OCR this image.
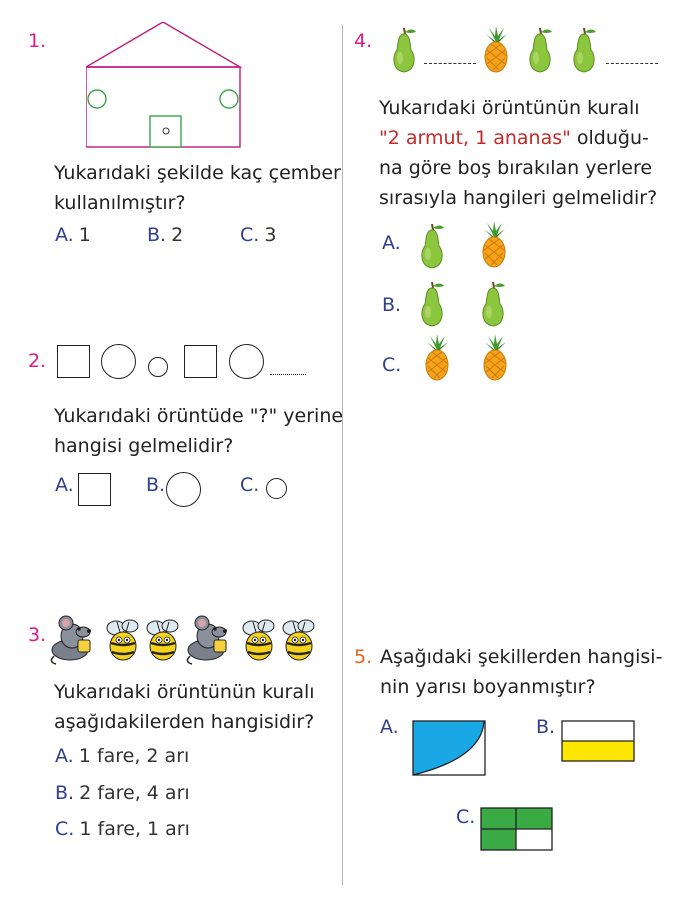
1.
Yukarıdaki şekilde kaç çember
kullanılmıştır?
A. 1	B. 2	C. 3
2.
Yukarıdaki örüntüde "?" yerine
hangisi gelmelidir?
A.	B.	C.
3.
Yukarıdaki örüntünün kuralı
aşağıdakilerden hangisidir?
A. 1 fare, 2 arı
B. 2 fare, 4 arı
C. 1 fare, 1 arı
4.
Yukarıdaki örüntünün kuralı
"2 armut, 1 ananas" olduğu-
na göre boş bırakılan yerlere
sırasıyla hangileri gelmelidir?
A.
B.
C.
5. Aşağıdaki şekillerden hangisi-
nin yarısı boyanmıştır?
A.	B.
C.
